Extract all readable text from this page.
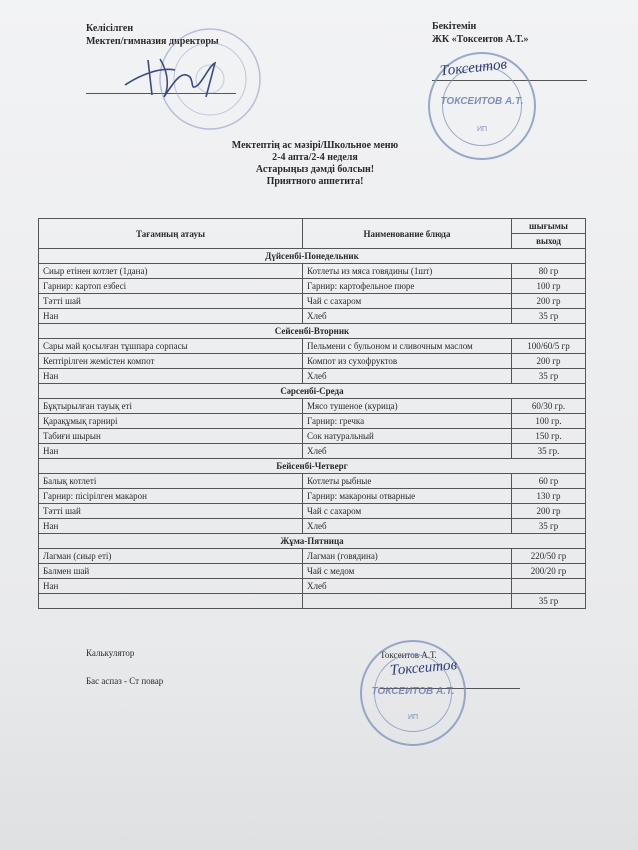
Келісілген
Мектеп/гимназия директоры
Бекітемін
ЖК «Токсеитов А.Т.»
ТОКСЕИТОВ А.Т.
ИП
Токсеитов
Мектептің ас мәзірі/Школьное меню
2-4 апта/2-4 неделя
Астарыңыз дәмді болсын!
Приятного аппетита!
Тағамның атауы	Наименование блюда	шығымы
		выход
Дүйсенбі-Понедельник		
Сиыр етінен котлет (1дана)	Котлеты из мяса говядины (1шт)	80 гр
Гарнир: картоп езбесі	Гарнир: картофельное пюре	100 гр
Тәтті шай	Чай с сахаром	200 гр
Нан	Хлеб	35 гр
Сейсенбі-Вторник		
Сары май қосылған тұшпара сорпасы	Пельмени с бульоном и сливочным маслом	100/60/5 гр
Кептірілген жемістен компот	Компот из сухофруктов	200 гр
Нан	Хлеб	35 гр
Сәрсенбі-Среда		
Бұқтырылған тауық еті	Мясо тушеное (курица)	60/30 гр.
Қарақұмық гарнирі	Гарнир: гречка	100 гр.
Табиғи шырын	Сок натуральный	150 гр.
Нан	Хлеб	35 гр.
Бейсенбі-Четверг		
Балық котлеті	Котлеты рыбные	60 гр
Гарнир: пісірілген макарон	Гарнир: макароны отварные	130 гр
Тәтті шай	Чай с сахаром	200 гр
Нан	Хлеб	35 гр
Жұма-Пятница		
Лагман (сиыр еті)	Лагман (говядина)	220/50 гр
Балмен шай	Чай с медом	200/20 гр
Нан	Хлеб	
		35 гр
Калькулятор
Бас аспаз - Ст повар
Токсеитов А.Т.
ТОКСЕИТОВ А.Т.
ИП
Токсеитов
